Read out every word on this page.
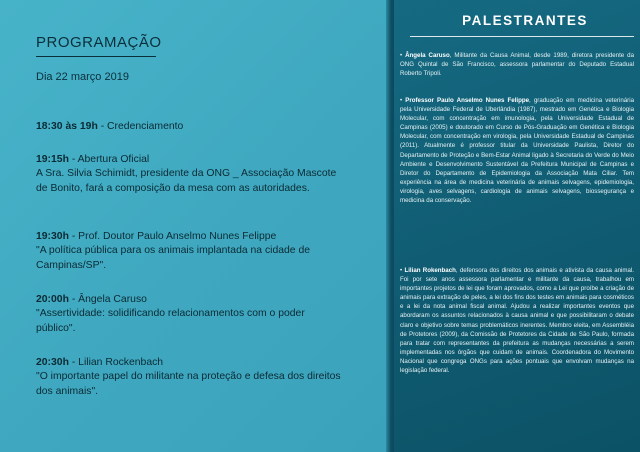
PROGRAMAÇÃO
Dia 22 março 2019
18:30 às 19h - Credenciamento
19:15h - Abertura Oficial
A Sra. Silvia Schimidt, presidente da ONG _ Associação Mascote de Bonito, fará a composição da mesa com as autoridades.
19:30h - Prof. Doutor Paulo Anselmo Nunes Felippe
"A política pública para os animais implantada na cidade de Campinas/SP".
20:00h - Ângela Caruso
"Assertividade: solidificando relacionamentos com o poder público".
20:30h - Lilian Rockenbach
"O importante papel do militante na proteção e defesa dos direitos dos animais".
PALESTRANTES
• Ângela Caruso, Militante da Causa Animal, desde 1989, diretora presidente da ONG Quintal de São Francisco, assessora parlamentar do Deputado Estadual Roberto Tripoli.
• Professor Paulo Anselmo Nunes Felippe, graduação em medicina veterinária pela Universidade Federal de Uberlândia (1987), mestrado em Genética e Biologia Molecular, com concentração em imunologia, pela Universidade Estadual de Campinas (2005) e doutorado em Curso de Pós-Graduação em Genética e Biologia Molecular, com concentração em virologia, pela Universidade Estadual de Campinas (2011). Atualmente é professor titular da Universidade Paulista, Diretor do Departamento de Proteção e Bem-Estar Animal ligado à Secretaria do Verde do Meio Ambiente e Desenvolvimento Sustentável da Prefeitura Municipal de Campinas e Diretor do Departamento de Epidemiologia da Associação Mata Ciliar. Tem experiência na área de medicina veterinária de animais selvagens, epidemiologia, virologia, aves selvagens, cardiologia de animais selvagens, biossegurança e medicina da conservação.
• Lilian Rokenbach, defensora dos direitos dos animais e ativista da causa animal. Foi por sete anos assessora parlamentar e militante da causa, trabalhou em importantes projetos de lei que foram aprovados, como a Lei que proíbe a criação de animais para extração de peles, a lei dos fins dos testes em animais para cosméticos e a lei da nota animal fiscal animal. Ajudou a realizar importantes eventos que abordaram os assuntos relacionados à causa animal e que possibilitaram o debate claro e objetivo sobre temas problemáticos inerentes. Membro eleita, em Assembléia de Protetores (2009), da Comissão de Protetores da Cidade de São Paulo, formada para tratar com representantes da prefeitura as mudanças necessárias a serem implementadas nos órgãos que cuidam de animais. Coordenadora do Movimento Nacional que congrega ONGs para ações pontuais que envolvam mudanças na legislação federal.
